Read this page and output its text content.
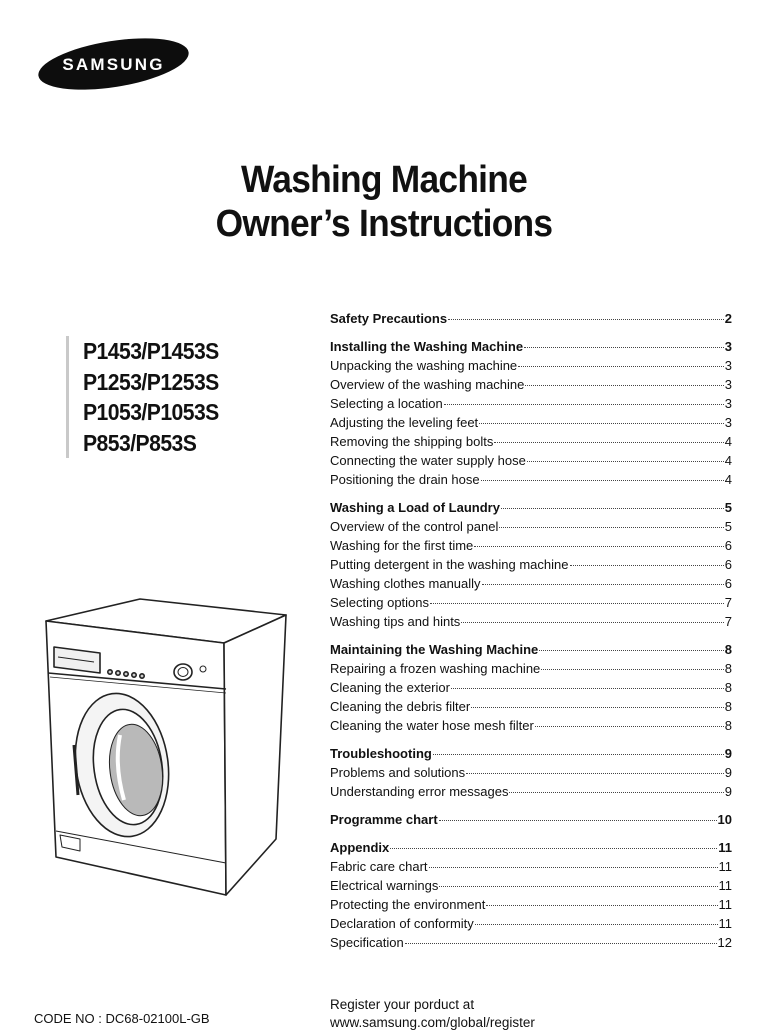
SAMSUNG
Washing Machine
Owner’s Instructions
P1453/P1453S
P1253/P1253S
P1053/P1053S
P853/P853S
Safety Precautions	2
Installing the Washing Machine	3
Unpacking the washing machine	3
Overview of the washing machine	3
Selecting a location	3
Adjusting the leveling feet	3
Removing the shipping bolts	4
Connecting the water supply hose	4
Positioning the drain hose	4
Washing a Load of Laundry	5
Overview of the control panel	5
Washing for the first time	6
Putting detergent in the washing machine	6
Washing clothes manually	6
Selecting options	7
Washing tips and hints	7
Maintaining the Washing Machine	8
Repairing a frozen washing machine	8
Cleaning the exterior	8
Cleaning the debris filter	8
Cleaning the water hose mesh filter	8
Troubleshooting	9
Problems and solutions	9
Understanding error messages	9
Programme chart	10
Appendix	11
Fabric care chart	11
Electrical warnings	11
Protecting the environment	11
Declaration of conformity	11
Specification	12
CODE NO : DC68-02100L-GB
Register your porduct at
www.samsung.com/global/register
